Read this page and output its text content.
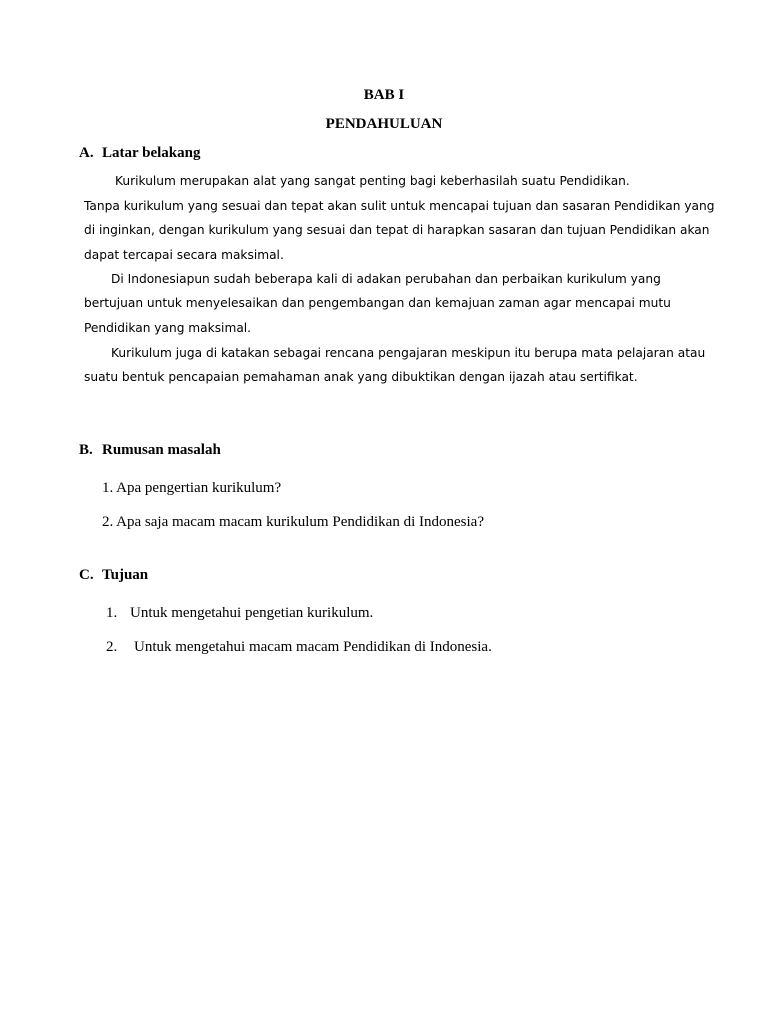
BAB I
PENDAHULUAN
A. Latar belakang
Kurikulum merupakan alat yang sangat penting bagi keberhasilah suatu Pendidikan.
Tanpa kurikulum yang sesuai dan tepat akan sulit untuk mencapai tujuan dan sasaran Pendidikan yang
di inginkan, dengan kurikulum yang sesuai dan tepat di harapkan sasaran dan tujuan Pendidikan akan
dapat tercapai secara maksimal.
Di Indonesiapun sudah beberapa kali di adakan perubahan dan perbaikan kurikulum yang
bertujuan untuk menyelesaikan dan pengembangan dan kemajuan zaman agar mencapai mutu
Pendidikan yang maksimal.
Kurikulum juga di katakan sebagai rencana pengajaran meskipun itu berupa mata pelajaran atau
suatu bentuk pencapaian pemahaman anak yang dibuktikan dengan ijazah atau sertifikat.
B. Rumusan masalah
1. Apa pengertian kurikulum?
2. Apa saja macam macam kurikulum Pendidikan di Indonesia?
C. Tujuan
1. Untuk mengetahui pengetian kurikulum.
2. Untuk mengetahui macam macam Pendidikan di Indonesia.
